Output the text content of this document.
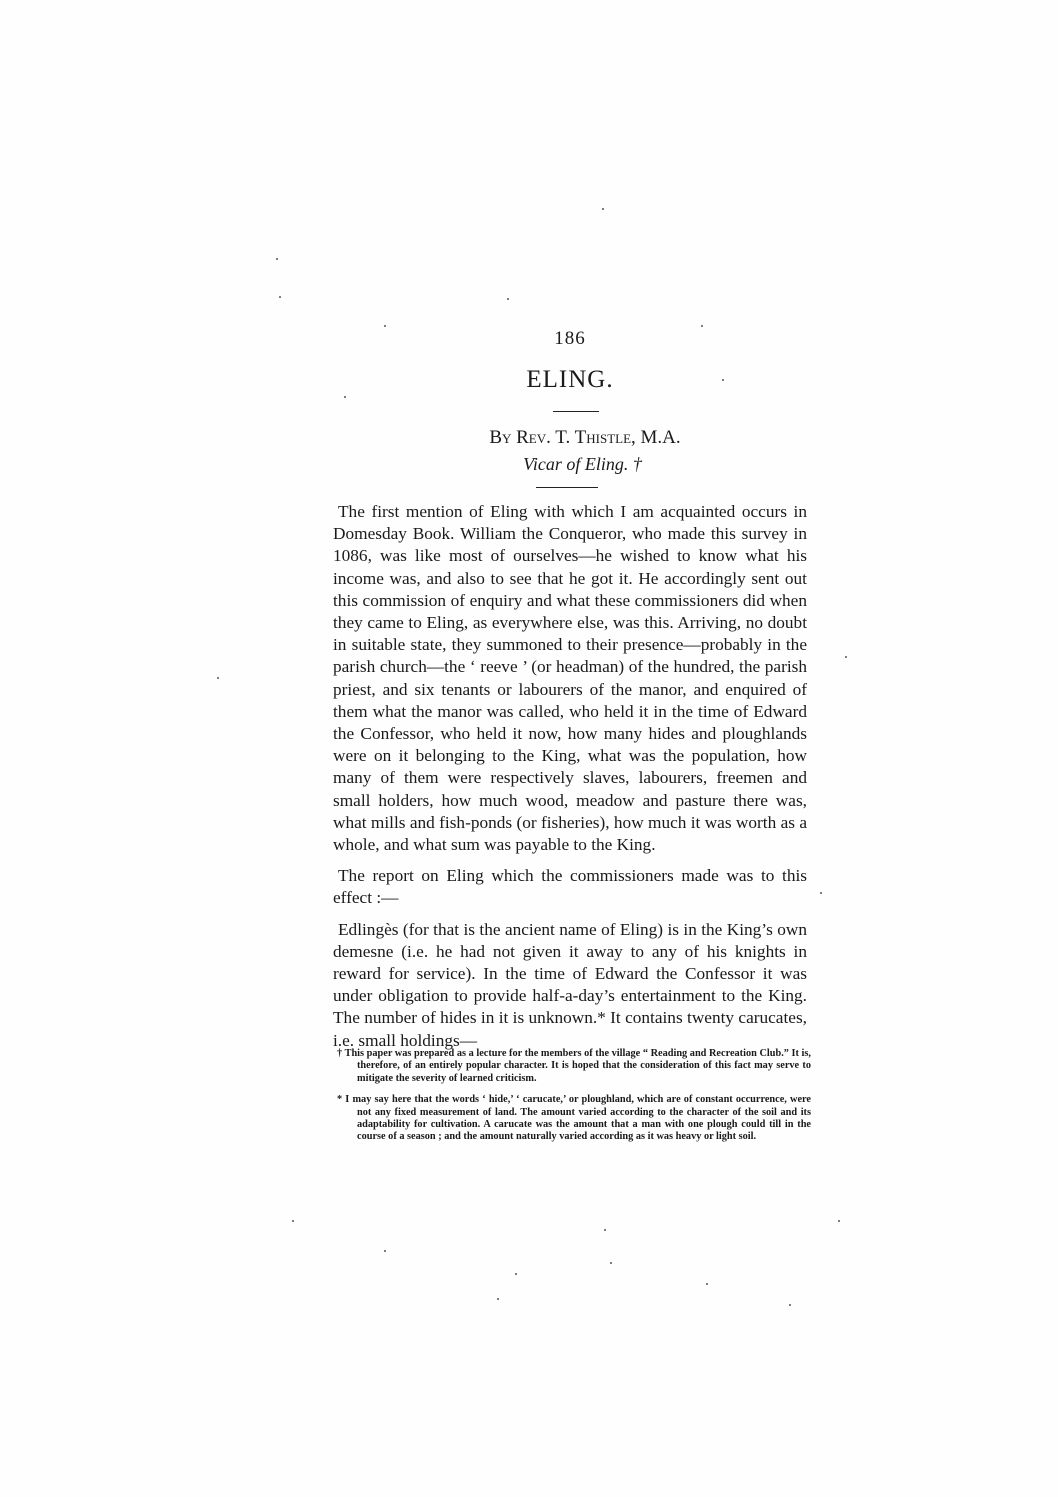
186
ELING.
By Rev. T. Thistle, M.A.
Vicar of Eling. †

The first mention of Eling with which I am acquainted occurs in Domesday Book. William the Conqueror, who made this survey in 1086, was like most of ourselves—he wished to know what his income was, and also to see that he got it. He accordingly sent out this commission of enquiry and what these commissioners did when they came to Eling, as everywhere else, was this. Arriving, no doubt in suitable state, they summoned to their presence—probably in the parish church—the ‘ reeve ’ (or headman) of the hundred, the parish priest, and six tenants or labourers of the manor, and enquired of them what the manor was called, who held it in the time of Edward the Confessor, who held it now, how many hides and ploughlands were on it belonging to the King, what was the population, how many of them were respectively slaves, labourers, freemen and small holders, how much wood, meadow and pasture there was, what mills and fish-ponds (or fisheries), how much it was worth as a whole, and what sum was payable to the King.

The report on Eling which the commissioners made was to this effect :—

Edlingès (for that is the ancient name of Eling) is in the King’s own demesne (i.e. he had not given it away to any of his knights in reward for service). In the time of Edward the Confessor it was under obligation to provide half-a-day’s entertainment to the King. The number of hides in it is unknown.* It contains twenty carucates, i.e. small holdings—

† This paper was prepared as a lecture for the members of the village “ Reading and Recreation Club.” It is, therefore, of an entirely popular character. It is hoped that the consideration of this fact may serve to mitigate the severity of learned criticism.
* I may say here that the words ‘ hide,’ ‘ carucate,’ or ploughland, which are of constant occurrence, were not any fixed measurement of land. The amount varied according to the character of the soil and its adaptability for cultivation. A carucate was the amount that a man with one plough could till in the course of a season ; and the amount naturally varied according as it was heavy or light soil.
